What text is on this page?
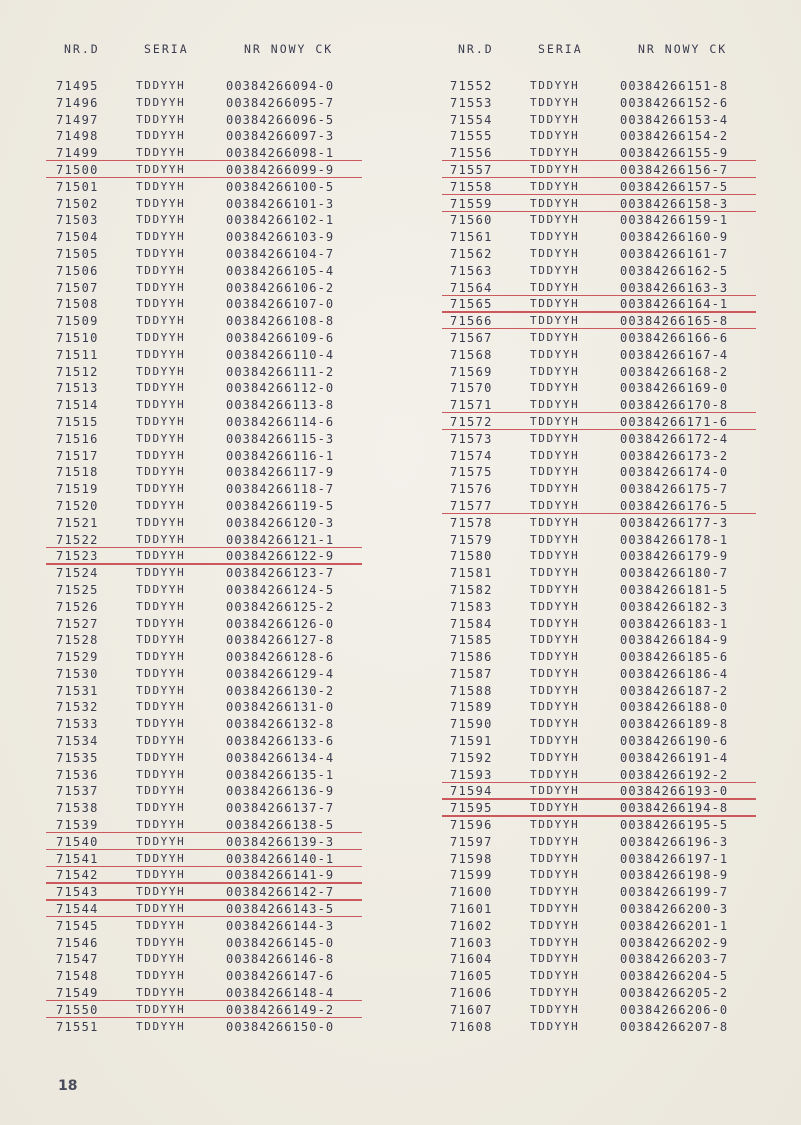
NR.D	SERIA	NR NOWY CK
71495	TDDYYH	00384266094-0
71496	TDDYYH	00384266095-7
71497	TDDYYH	00384266096-5
71498	TDDYYH	00384266097-3
71499	TDDYYH	00384266098-1
71500	TDDYYH	00384266099-9
71501	TDDYYH	00384266100-5
71502	TDDYYH	00384266101-3
71503	TDDYYH	00384266102-1
71504	TDDYYH	00384266103-9
71505	TDDYYH	00384266104-7
71506	TDDYYH	00384266105-4
71507	TDDYYH	00384266106-2
71508	TDDYYH	00384266107-0
71509	TDDYYH	00384266108-8
71510	TDDYYH	00384266109-6
71511	TDDYYH	00384266110-4
71512	TDDYYH	00384266111-2
71513	TDDYYH	00384266112-0
71514	TDDYYH	00384266113-8
71515	TDDYYH	00384266114-6
71516	TDDYYH	00384266115-3
71517	TDDYYH	00384266116-1
71518	TDDYYH	00384266117-9
71519	TDDYYH	00384266118-7
71520	TDDYYH	00384266119-5
71521	TDDYYH	00384266120-3
71522	TDDYYH	00384266121-1
71523	TDDYYH	00384266122-9
71524	TDDYYH	00384266123-7
71525	TDDYYH	00384266124-5
71526	TDDYYH	00384266125-2
71527	TDDYYH	00384266126-0
71528	TDDYYH	00384266127-8
71529	TDDYYH	00384266128-6
71530	TDDYYH	00384266129-4
71531	TDDYYH	00384266130-2
71532	TDDYYH	00384266131-0
71533	TDDYYH	00384266132-8
71534	TDDYYH	00384266133-6
71535	TDDYYH	00384266134-4
71536	TDDYYH	00384266135-1
71537	TDDYYH	00384266136-9
71538	TDDYYH	00384266137-7
71539	TDDYYH	00384266138-5
71540	TDDYYH	00384266139-3
71541	TDDYYH	00384266140-1
71542	TDDYYH	00384266141-9
71543	TDDYYH	00384266142-7
71544	TDDYYH	00384266143-5
71545	TDDYYH	00384266144-3
71546	TDDYYH	00384266145-0
71547	TDDYYH	00384266146-8
71548	TDDYYH	00384266147-6
71549	TDDYYH	00384266148-4
71550	TDDYYH	00384266149-2
71551	TDDYYH	00384266150-0
NR.D	SERIA	NR NOWY CK
71552	TDDYYH	00384266151-8
71553	TDDYYH	00384266152-6
71554	TDDYYH	00384266153-4
71555	TDDYYH	00384266154-2
71556	TDDYYH	00384266155-9
71557	TDDYYH	00384266156-7
71558	TDDYYH	00384266157-5
71559	TDDYYH	00384266158-3
71560	TDDYYH	00384266159-1
71561	TDDYYH	00384266160-9
71562	TDDYYH	00384266161-7
71563	TDDYYH	00384266162-5
71564	TDDYYH	00384266163-3
71565	TDDYYH	00384266164-1
71566	TDDYYH	00384266165-8
71567	TDDYYH	00384266166-6
71568	TDDYYH	00384266167-4
71569	TDDYYH	00384266168-2
71570	TDDYYH	00384266169-0
71571	TDDYYH	00384266170-8
71572	TDDYYH	00384266171-6
71573	TDDYYH	00384266172-4
71574	TDDYYH	00384266173-2
71575	TDDYYH	00384266174-0
71576	TDDYYH	00384266175-7
71577	TDDYYH	00384266176-5
71578	TDDYYH	00384266177-3
71579	TDDYYH	00384266178-1
71580	TDDYYH	00384266179-9
71581	TDDYYH	00384266180-7
71582	TDDYYH	00384266181-5
71583	TDDYYH	00384266182-3
71584	TDDYYH	00384266183-1
71585	TDDYYH	00384266184-9
71586	TDDYYH	00384266185-6
71587	TDDYYH	00384266186-4
71588	TDDYYH	00384266187-2
71589	TDDYYH	00384266188-0
71590	TDDYYH	00384266189-8
71591	TDDYYH	00384266190-6
71592	TDDYYH	00384266191-4
71593	TDDYYH	00384266192-2
71594	TDDYYH	00384266193-0
71595	TDDYYH	00384266194-8
71596	TDDYYH	00384266195-5
71597	TDDYYH	00384266196-3
71598	TDDYYH	00384266197-1
71599	TDDYYH	00384266198-9
71600	TDDYYH	00384266199-7
71601	TDDYYH	00384266200-3
71602	TDDYYH	00384266201-1
71603	TDDYYH	00384266202-9
71604	TDDYYH	00384266203-7
71605	TDDYYH	00384266204-5
71606	TDDYYH	00384266205-2
71607	TDDYYH	00384266206-0
71608	TDDYYH	00384266207-8
18
